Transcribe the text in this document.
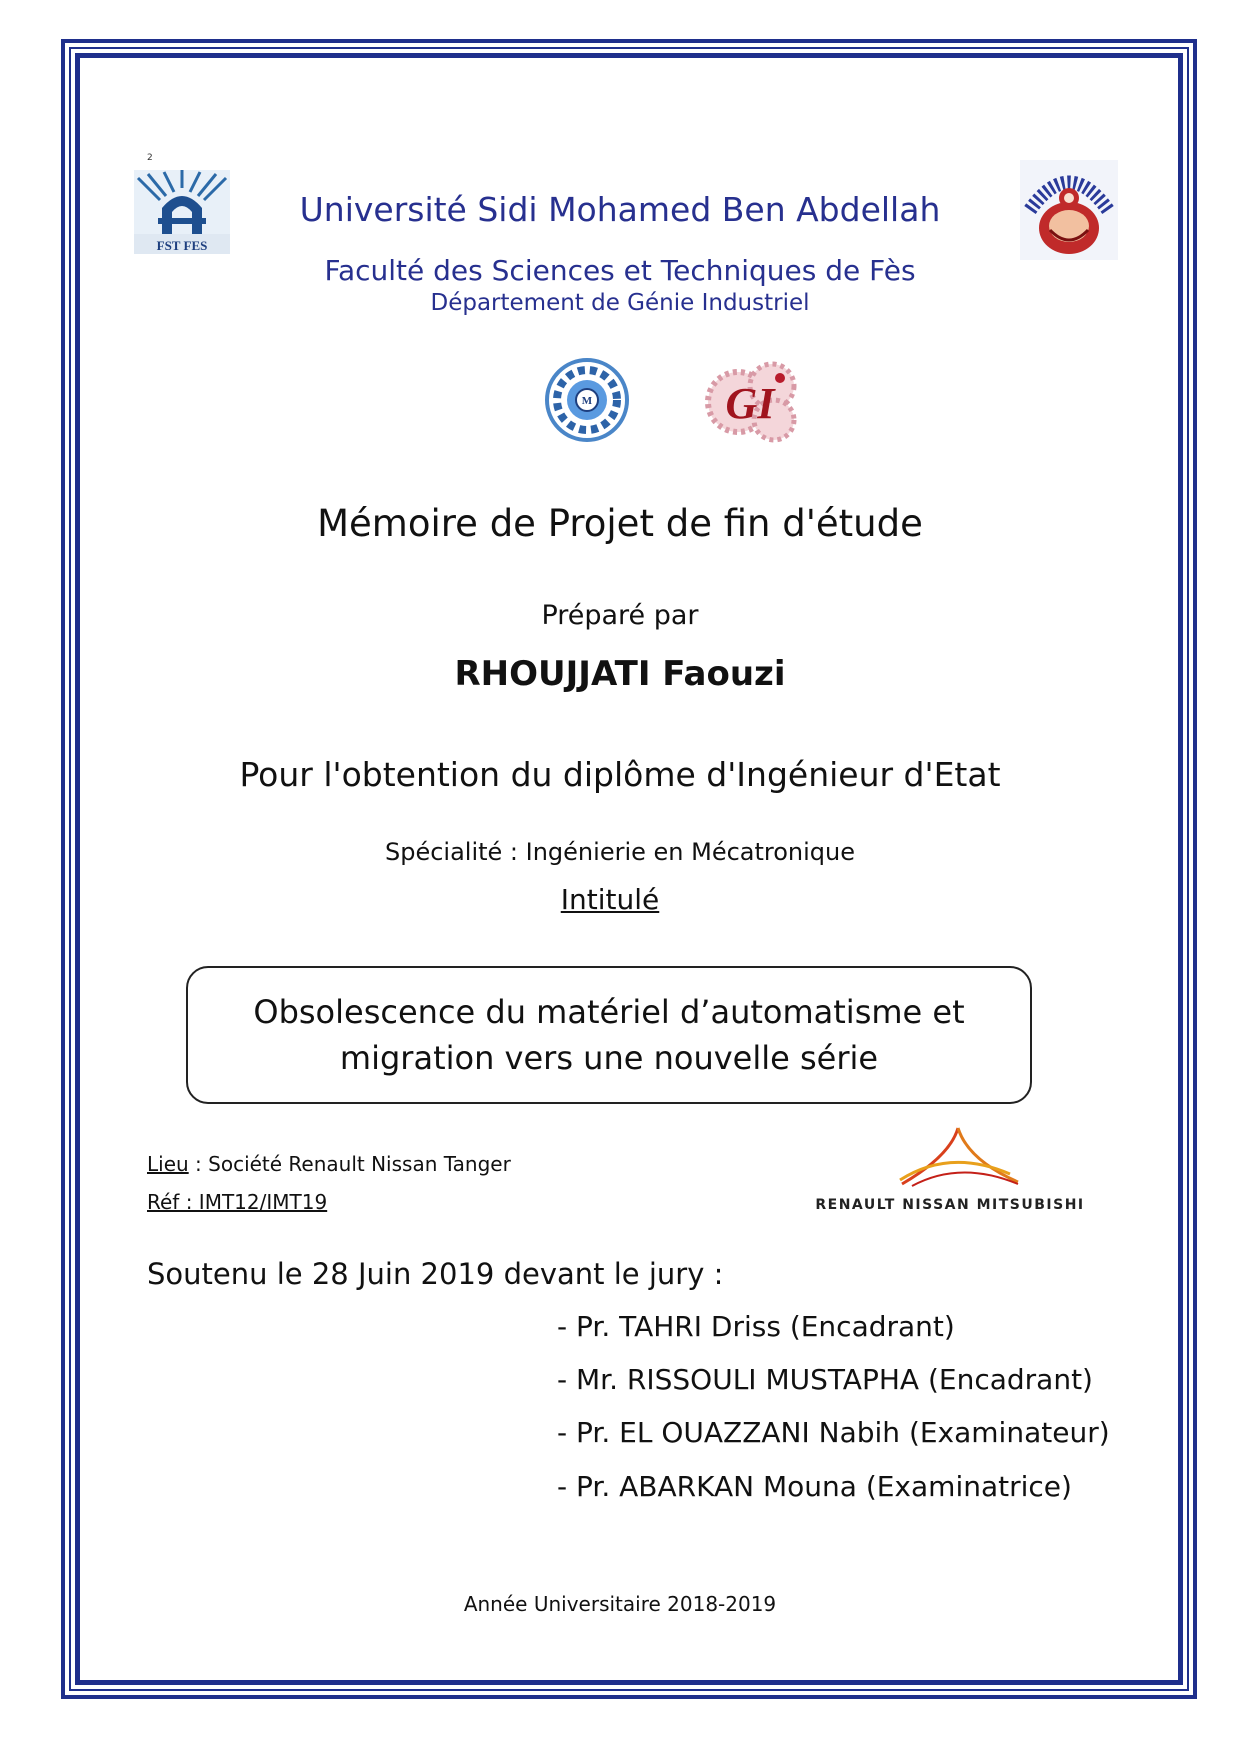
2
FST FES
Université Sidi Mohamed Ben Abdellah
Faculté des Sciences et Techniques de Fès
Département de Génie Industriel
M	GI
Mémoire de Projet de fin d'étude
Préparé par
RHOUJJATI Faouzi
Pour l'obtention du diplôme d'Ingénieur d'Etat
Spécialité : Ingénierie en Mécatronique
Intitulé
Obsolescence du matériel d’automatisme et migration vers une nouvelle série
Lieu : Société Renault Nissan Tanger
Réf : IMT12/IMT19	RENAULT NISSAN MITSUBISHI
Soutenu le 28 Juin 2019 devant le jury :
- Pr. TAHRI Driss (Encadrant)
- Mr. RISSOULI MUSTAPHA (Encadrant)
- Pr. EL OUAZZANI Nabih (Examinateur)
- Pr. ABARKAN Mouna (Examinatrice)
Année Universitaire 2018-2019
